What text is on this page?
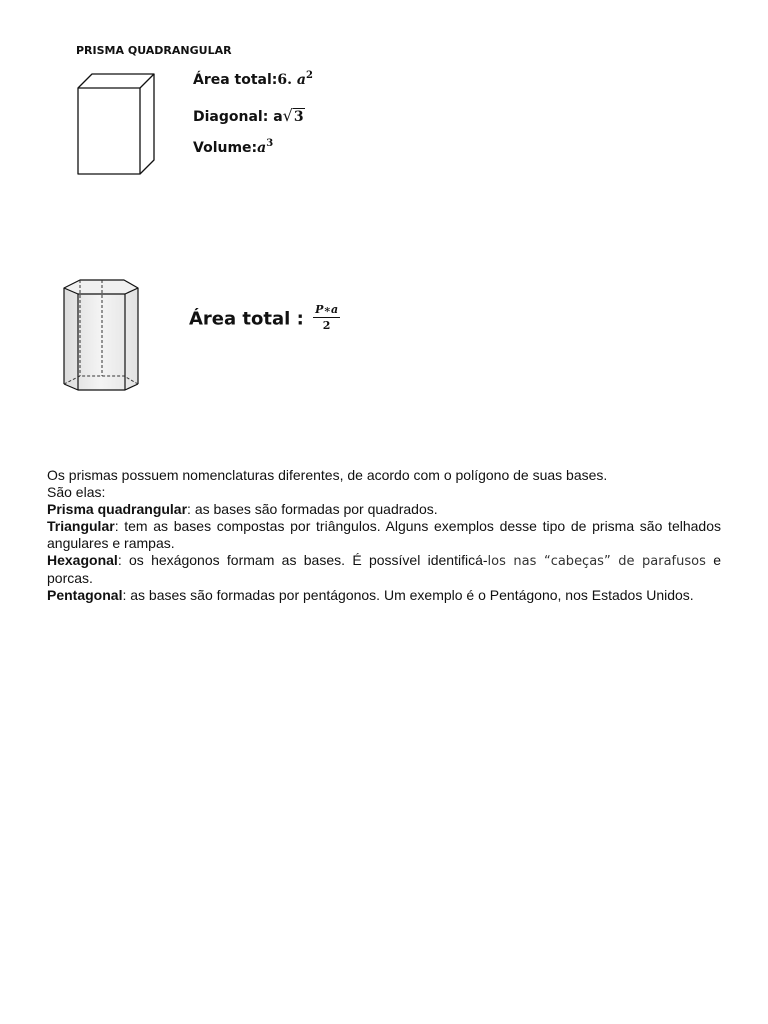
PRISMA QUADRANGULAR
Área total:6. $a^2$
Diagonal: a√3
$Volume:a^3$
Área total : $\frac{P∗a}{2}$

Os prismas possuem nomenclaturas diferentes, de acordo com o polígono de suas bases.

São elas:

Prisma quadrangular: as bases são formadas por quadrados.

Triangular: tem as bases compostas por triângulos. Alguns exemplos desse tipo de prisma são telhados angulares e rampas.

Hexagonal: os hexágonos formam as bases. É possível identificá-los nas “cabeças” de parafusos e porcas.

Pentagonal: as bases são formadas por pentágonos. Um exemplo é o Pentágono, nos Estados Unidos.
